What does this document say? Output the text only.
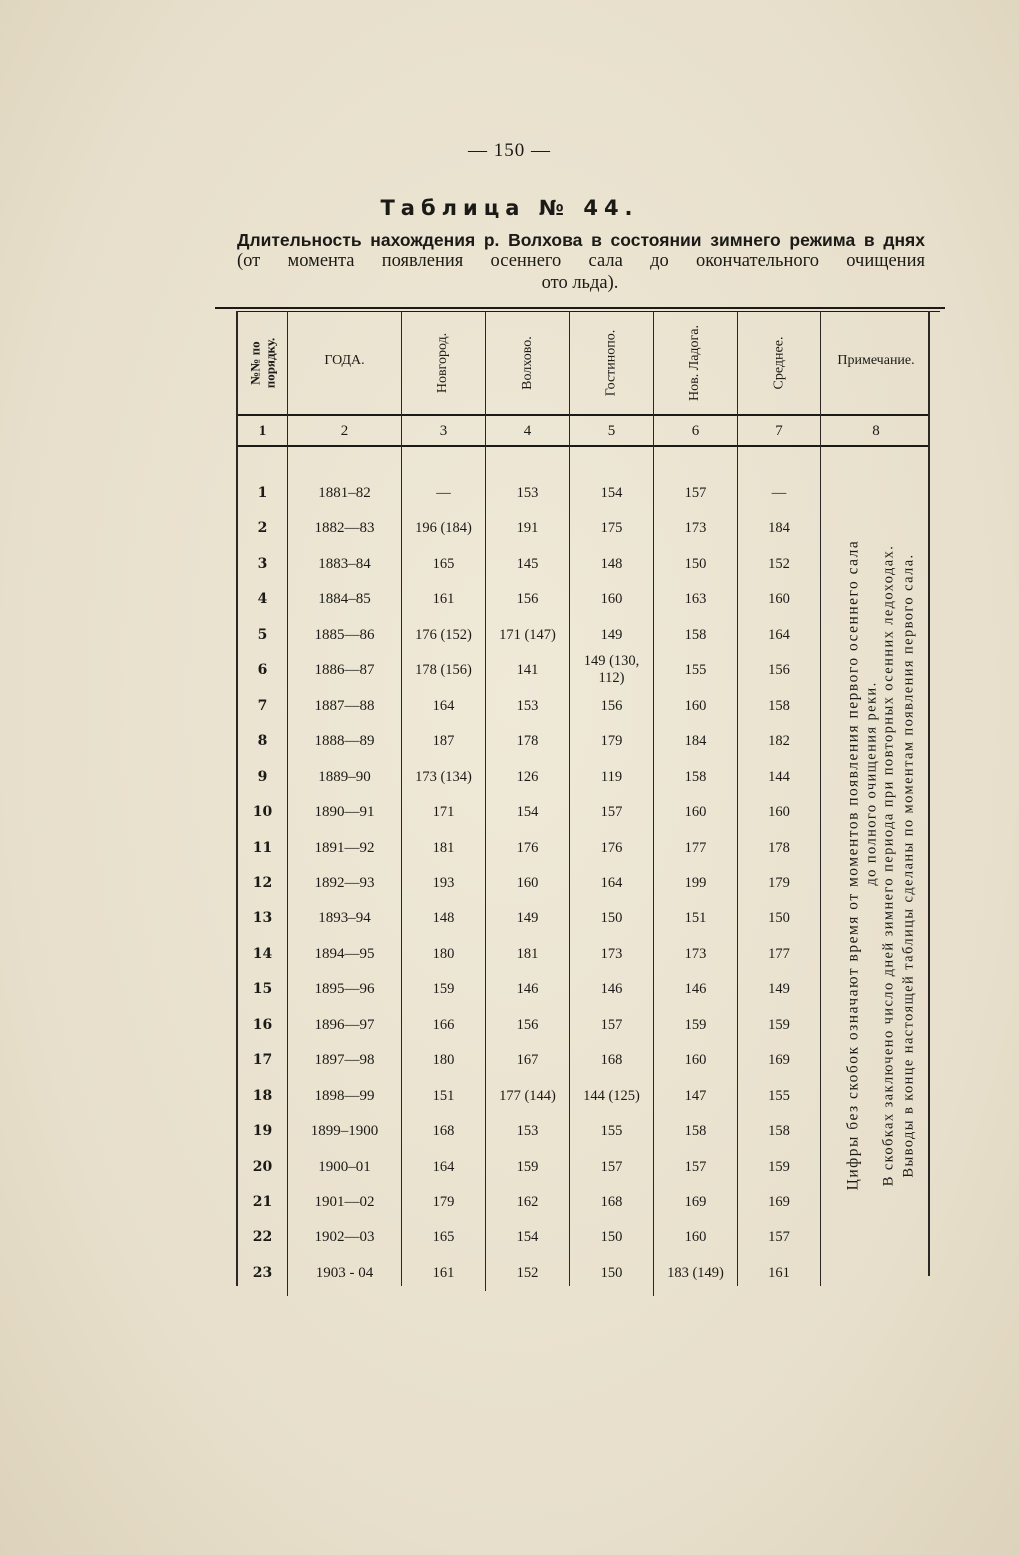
— 150 —
Таблица № 44.
Длительность нахождения р. Волхова в состоянии зимнего режима в днях
(от момента появления осеннего сала до окончательного очищения
ото льда).
№№ по порядку.	ГОДА.	Новгород.	Волхово.	Гостинопо.	Нов. Ладога.	Среднее.	Примечание.
1	2	3	4	5	6	7	8
1	1881–82	—	153	154	157	—
2	1882—83	196 (184)	191	175	173	184
3	1883–84	165	145	148	150	152
4	1884–85	161	156	160	163	160
5	1885—86	176 (152)	171 (147)	149	158	164
6	1886—87	178 (156)	141
149 (130,
112)	155	156
7	1887—88	164	153	156	160	158
8	1888—89	187	178	179	184	182
9	1889–90	173 (134)	126	119	158	144
10	1890—91	171	154	157	160	160
11	1891—92	181	176	176	177	178
12	1892—93	193	160	164	199	179
13	1893–94	148	149	150	151	150
14	1894—95	180	181	173	173	177
15	1895—96	159	146	146	146	149
16	1896—97	166	156	157	159	159
17	1897—98	180	167	168	160	169
18	1898—99	151	177 (144)	144 (125)	147	155
19	1899–1900	168	153	155	158	158
20	1900–01	164	159	157	157	159
21	1901—02	179	162	168	169	169
22	1902—03	165	154	150	160	157
23	1903 - 04	161	152	150	183 (149)	161
Цифры без скобок означают время от моментов появления первого осеннего сала до полного очищения реки. В скобках заключено число дней зимнего периода при повторных осенних ледоходах. Выводы в конце настоящей таблицы сделаны по моментам появления первого сала.
